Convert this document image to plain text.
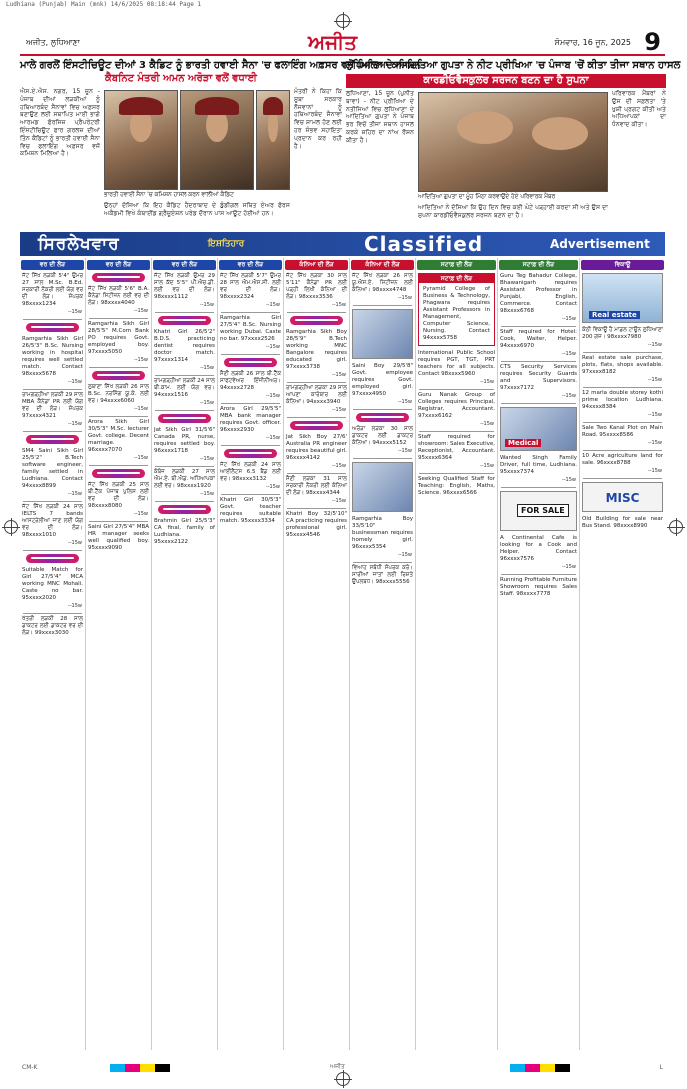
Ludhiana (Punjab) Main (mnk) 14/6/2025 08:18:44 Page 1
ਅਜੀਤ, ਲੁਧਿਆਣਾ	ਅਜੀਤ	ਸੋਮਵਾਰ, 16 ਜੂਨ, 2025 9
ਮਾਲੇ ਗਰਲੋਂ ਇੰਸਟੀਚਿਊਟ ਦੀਆਂ 3 ਕੈਡਿਟ ਨੂੰ ਭਾਰਤੀ ਹਵਾਈ ਸੈਨਾ 'ਚ ਫਲਾਇੰਗ ਅਫ਼ਸਰ ਵਜੋਂ ਮਿਲਿਆ ਕਮਿਸ਼ਨ
ਕੈਬਨਿਟ ਮੰਤਰੀ ਅਮਨ ਅਰੋੜਾ ਵਲੋਂ ਵਧਾਈ

ਐਸ.ਏ.ਐਸ. ਨਗਰ, 15 ਜੂਨ - ਪੰਜਾਬ ਦੀਆਂ ਲੜਕੀਆਂ ਨੂੰ ਹਥਿਆਰਬੰਦ ਸੈਨਾਵਾਂ ਵਿਚ ਅਫ਼ਸਰ ਬਣਾਉਣ ਲਈ ਸਥਾਪਿਤ ਮਾਈ ਭਾਗੋ ਆਰਮਡ ਫੋਰਸਿਜ਼ ਪ੍ਰੈਪਰੇਟਰੀ ਇੰਸਟੀਚਿਊਟ ਫਾਰ ਗਰਲਜ਼ ਦੀਆਂ ਤਿੰਨ ਕੈਡਿਟਾਂ ਨੂੰ ਭਾਰਤੀ ਹਵਾਈ ਸੈਨਾ ਵਿਚ ਫਲਾਇੰਗ ਅਫ਼ਸਰ ਵਜੋਂ ਕਮਿਸ਼ਨ ਮਿਲਿਆ ਹੈ।

ਭਾਰਤੀ ਹਵਾਈ ਸੈਨਾ 'ਚ ਕਮਿਸ਼ਨ ਹਾਸਲ ਕਰਨ ਵਾਲੀਆਂ ਕੈਡਿਟ

ਉਨ੍ਹਾਂ ਦੱਸਿਆ ਕਿ ਇਹ ਕੈਡਿਟ ਹੈਦਰਾਬਾਦ ਦੇ ਡੁੰਡੀਗਲ ਸਥਿਤ ਏਅਰ ਫੋਰਸ ਅਕੈਡਮੀ ਵਿਖੇ ਕੰਬਾਈਂਡ ਗ੍ਰੈਜੂਏਸ਼ਨ ਪਰੇਡ ਦੌਰਾਨ ਪਾਸ ਆਊਟ ਹੋਈਆਂ ਹਨ।

ਮੰਤਰੀ ਨੇ ਕਿਹਾ ਕਿ ਸੂਬਾ ਸਰਕਾਰ ਨੌਜਵਾਨਾਂ ਨੂੰ ਹਥਿਆਰਬੰਦ ਸੈਨਾਵਾਂ ਵਿਚ ਸ਼ਾਮਲ ਹੋਣ ਲਈ ਹਰ ਸੰਭਵ ਸਹਾਇਤਾ ਪ੍ਰਦਾਨ ਕਰ ਰਹੀ ਹੈ।

ਲੁਧਿਆਣਾ ਦੇ ਆਦਿਤਿਆ ਗੁਪਤਾ ਨੇ ਨੀਟ ਪ੍ਰੀਖਿਆ 'ਚ ਪੰਜਾਬ 'ਚੋਂ ਕੀਤਾ ਤੀਜਾ ਸਥਾਨ ਹਾਸਲ
ਕਾਰਡੀਓਵੈਸਕੁਲਰ ਸਰਜਨ ਬਣਨ ਦਾ ਹੈ ਸੁਪਨਾ

ਲੁਧਿਆਣਾ, 15 ਜੂਨ (ਪੁਨੀਤ ਬਾਵਾ) - ਨੀਟ ਪ੍ਰੀਖਿਆ ਦੇ ਨਤੀਜਿਆਂ ਵਿਚ ਲੁਧਿਆਣਾ ਦੇ ਆਦਿਤਿਆ ਗੁਪਤਾ ਨੇ ਪੰਜਾਬ ਭਰ ਵਿਚੋਂ ਤੀਜਾ ਸਥਾਨ ਹਾਸਲ ਕਰਕੇ ਸ਼ਹਿਰ ਦਾ ਨਾਂਅ ਰੌਸ਼ਨ ਕੀਤਾ ਹੈ।

ਆਦਿਤਿਆ ਗੁਪਤਾ ਦਾ ਮੂੰਹ ਮਿੱਠਾ ਕਰਵਾਉਂਦੇ ਹੋਏ ਪਰਿਵਾਰਕ ਮੈਂਬਰ

ਆਦਿਤਿਆ ਨੇ ਦੱਸਿਆ ਕਿ ਉਹ ਦਿਨ ਵਿਚ ਕਈ ਘੰਟੇ ਪੜ੍ਹਾਈ ਕਰਦਾ ਸੀ ਅਤੇ ਉਸ ਦਾ ਸੁਪਨਾ ਕਾਰਡੀਓਵੈਸਕੁਲਰ ਸਰਜਨ ਬਣਨ ਦਾ ਹੈ।

ਪਰਿਵਾਰਕ ਮੈਂਬਰਾਂ ਨੇ ਉਸ ਦੀ ਸਫ਼ਲਤਾ 'ਤੇ ਖੁਸ਼ੀ ਪ੍ਰਗਟ ਕੀਤੀ ਅਤੇ ਅਧਿਆਪਕਾਂ ਦਾ ਧੰਨਵਾਦ ਕੀਤਾ।

ਸਿਰਲੇਖਵਾਰ	ਇਸ਼ਤਿਹਾਰ	Classified	Advertisement
ਵਰ ਦੀ ਲੋੜ

ਜੱਟ ਸਿੱਖ ਲੜਕੀ 5'4" ਉਮਰ 27 ਸਾਲ M.Sc. B.Ed. ਸਰਕਾਰੀ ਨੌਕਰੀ ਲਈ ਯੋਗ ਵਰ ਦੀ ਲੋੜ। ਸੰਪਰਕ 98xxxx1234

--15w

Ramgarhia Sikh Girl 26/5'3" B.Sc. Nursing working in hospital requires well settled match. Contact 98xxxx5678

--15w

ਰਾਮਗੜ੍ਹੀਆ ਲੜਕੀ 29 ਸਾਲ MBA ਕੈਨੇਡਾ PR ਲਈ ਯੋਗ ਵਰ ਦੀ ਲੋੜ। ਸੰਪਰਕ 97xxxx4321

--15w

SM4 Saini Sikh Girl 25/5'2" B.Tech software engineer, family settled in Ludhiana. Contact 94xxxx8899

--15w

ਜੱਟ ਸਿੱਖ ਲੜਕੀ 24 ਸਾਲ IELTS 7 bands ਆਸਟ੍ਰੇਲੀਆ ਜਾਣ ਲਈ ਯੋਗ ਵਰ ਦੀ ਲੋੜ। 98xxxx1010

--15w

Suitable Match for Girl 27/5'4" MCA working MNC Mohali. Caste no bar. 95xxxx2020

--15w

ਖੱਤਰੀ ਲੜਕੀ 28 ਸਾਲ ਡਾਕਟਰ ਲਈ ਡਾਕਟਰ ਵਰ ਦੀ ਲੋੜ। 99xxxx3030

ਵਰ ਦੀ ਲੋੜ

ਜੱਟ ਸਿੱਖ ਲੜਕੀ 5'6" B.A. ਕੈਨੇਡਾ ਸਿਟੀਜ਼ਨ ਲਈ ਵਰ ਦੀ ਲੋੜ। 98xxxx4040

--15w

Ramgarhia Sikh Girl 28/5'5" M.Com Bank PO requires Govt. employed boy. 97xxxx5050

--15w

ਲੁਬਾਣਾ ਸਿੱਖ ਲੜਕੀ 26 ਸਾਲ B.Sc. ਨਰਸਿੰਗ ਯੂ.ਕੇ. ਲਈ ਵਰ। 94xxxx6060

--15w

Arora Sikh Girl 30/5'3" M.Sc. lecturer Govt. college. Decent marriage. 96xxxx7070

--15w

ਜੱਟ ਸਿੱਖ ਲੜਕੀ 25 ਸਾਲ ਬੀ.ਟੈੱਕ ਪੰਜਾਬ ਪੁਲਿਸ ਲਈ ਵਰ ਦੀ ਲੋੜ। 98xxxx8080

--15w

Saini Girl 27/5'4" MBA HR manager seeks well qualified boy. 95xxxx9090

ਵਰ ਦੀ ਲੋੜ

ਜੱਟ ਸਿੱਖ ਲੜਕੀ ਉਮਰ 29 ਸਾਲ ਕੱਦ 5'5" ਪੀ.ਐਚ.ਡੀ. ਲਈ ਵਰ ਦੀ ਲੋੜ। 98xxxx1112

--15w

Khatri Girl 26/5'2" B.D.S. practicing dentist requires doctor match. 97xxxx1314

--15w

ਰਾਮਗੜ੍ਹੀਆ ਲੜਕੀ 24 ਸਾਲ ਬੀ.ਕਾਮ. ਲਈ ਯੋਗ ਵਰ। 94xxxx1516

--15w

Jat Sikh Girl 31/5'6" Canada PR, nurse, requires settled boy. 96xxxx1718

--15w

ਕੰਬੋਜ ਲੜਕੀ 27 ਸਾਲ ਐਮ.ਏ. ਬੀ.ਐਡ. ਅਧਿਆਪਕਾ ਲਈ ਵਰ। 98xxxx1920

--15w

Brahmin Girl 25/5'3" CA final, family of Ludhiana. 95xxxx2122

ਵਰ ਦੀ ਲੋੜ

ਜੱਟ ਸਿੱਖ ਲੜਕੀ 5'7" ਉਮਰ 28 ਸਾਲ ਐਮ.ਐਸ.ਸੀ. ਲਈ ਵਰ ਦੀ ਲੋੜ। 98xxxx2324

--15w

Ramgarhia Girl 27/5'4" B.Sc. Nursing working Dubai. Caste no bar. 97xxxx2526

--15w

ਸੈਣੀ ਲੜਕੀ 26 ਸਾਲ ਬੀ.ਟੈੱਕ ਸਾਫਟਵੇਅਰ ਇੰਜੀਨੀਅਰ। 94xxxx2728

--15w

Arora Girl 29/5'5" MBA bank manager requires Govt. officer. 96xxxx2930

--15w

ਜੱਟ ਸਿੱਖ ਲੜਕੀ 24 ਸਾਲ ਆਈਲੈਟਸ 6.5 ਬੈਂਡ ਲਈ ਵਰ। 98xxxx3132

--15w

Khatri Girl 30/5'3" Govt. teacher requires suitable match. 95xxxx3334

ਕੰਨਿਆ ਦੀ ਲੋੜ

ਜੱਟ ਸਿੱਖ ਲੜਕਾ 30 ਸਾਲ 5'11" ਕੈਨੇਡਾ PR ਲਈ ਪੜ੍ਹੀ ਲਿਖੀ ਕੰਨਿਆ ਦੀ ਲੋੜ। 98xxxx3536

--15w

Ramgarhia Sikh Boy 28/5'9" B.Tech working MNC Bangalore requires educated girl. 97xxxx3738

--15w

ਰਾਮਗੜ੍ਹੀਆ ਲੜਕਾ 29 ਸਾਲ ਆਪਣਾ ਕਾਰੋਬਾਰ ਲਈ ਕੰਨਿਆ। 94xxxx3940

--15w

Jat Sikh Boy 27/6' Australia PR engineer requires beautiful girl. 96xxxx4142

--15w

ਸੈਣੀ ਲੜਕਾ 31 ਸਾਲ ਸਰਕਾਰੀ ਨੌਕਰੀ ਲਈ ਕੰਨਿਆ ਦੀ ਲੋੜ। 98xxxx4344

--15w

Khatri Boy 32/5'10" CA practicing requires professional girl. 95xxxx4546

ਕੰਨਿਆ ਦੀ ਲੋੜ

ਜੱਟ ਸਿੱਖ ਲੜਕਾ 26 ਸਾਲ ਯੂ.ਐਸ.ਏ. ਸਿਟੀਜ਼ਨ ਲਈ ਕੰਨਿਆ। 98xxxx4748

--15w

Saini Boy 29/5'8" Govt. employee requires Govt. employed girl. 97xxxx4950

--15w

ਅਰੋੜਾ ਲੜਕਾ 30 ਸਾਲ ਡਾਕਟਰ ਲਈ ਡਾਕਟਰ ਕੰਨਿਆ। 94xxxx5152

--15w

Ramgarhia Boy 33/5'10" businessman requires homely girl. 96xxxx5354

--15w

ਵਿਆਹ ਸਬੰਧੀ ਸੰਪਰਕ ਕਰੋ। ਸਾਰੀਆਂ ਜਾਤਾਂ ਲਈ ਰਿਸ਼ਤੇ ਉਪਲਬਧ। 98xxxx5556

ਸਟਾਫ਼ ਦੀ ਲੋੜ
ਸਟਾਫ਼ ਦੀ ਲੋੜ

Pyramid College of Business & Technology, Phagwara requires Assistant Professors in Management, Computer Science, Nursing. Contact 94xxxx5758

International Public School requires PGT, TGT, PRT teachers for all subjects. Contact 98xxxx5960

--15w

Guru Nanak Group of Colleges requires Principal, Registrar, Accountant. 97xxxx6162

--15w

Staff required for showroom: Sales Executive, Receptionist, Accountant. 95xxxx6364

--15w

Seeking Qualified Staff for Teaching: English, Maths, Science. 96xxxx6566

ਸਟਾਫ਼ ਦੀ ਲੋੜ

Guru Teg Bahadur College, Bhawanigarh requires Assistant Professor in Punjabi, English, Commerce. Contact 98xxxx6768

--15w

Staff required for Hotel: Cook, Waiter, Helper. 94xxxx6970

--15w

CTS Security Services requires Security Guards and Supervisors. 97xxxx7172

--15w
Medical

Wanted Singh Family Driver, full time, Ludhiana. 95xxxx7374

--15w
FOR SALE

A Continental Cafe is looking for a Cook and Helper. Contact 96xxxx7576

--15w

Running Profitable Furniture Showroom requires Sales Staff. 98xxxx7778

ਵਿਕਾਊ
Real estate

ਕੋਠੀ ਵਿਕਾਊ ਹੈ ਮਾਡਲ ਟਾਊਨ ਲੁਧਿਆਣਾ 200 ਗਜ਼। 98xxxx7980

--15w

Real estate sale purchase, plots, flats, shops available. 97xxxx8182

--15w

12 marla double storey kothi prime location Ludhiana. 94xxxx8384

--15w

Sale Two Kanal Plot on Main Road. 95xxxx8586

--15w

10 Acre agriculture land for sale. 96xxxx8788

--15w
MISC

Old Building for sale near Bus Stand. 98xxxx8990

CM-K	ਅਜੀਤ	L
